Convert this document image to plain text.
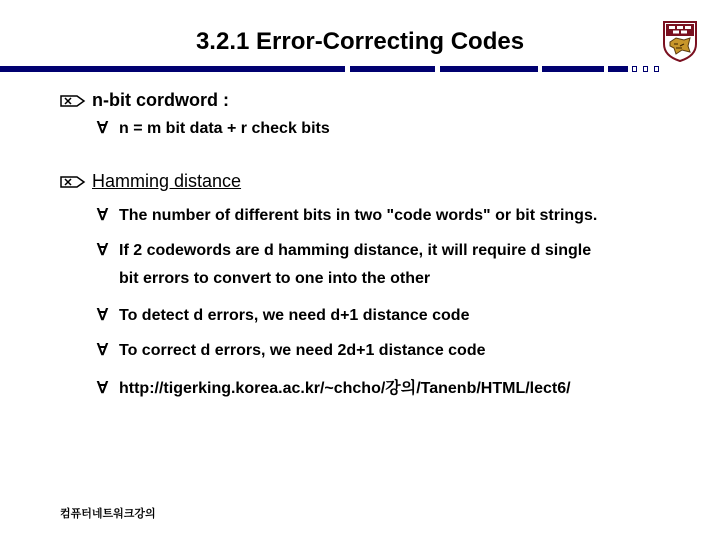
3.2.1 Error-Correcting Codes
n-bit cordword :
∀ n = m bit data + r check bits
Hamming distance
∀ The number of different bits in two "code words" or bit strings.
∀ If 2 codewords are d hamming distance, it will require d single
bit errors to convert to one into the other
∀ To detect d errors, we need d+1 distance code
∀ To correct d errors, we need 2d+1 distance code
∀ http://tigerking.korea.ac.kr/~chcho/강의/Tanenb/HTML/lect6/
컴퓨터네트워크강의
